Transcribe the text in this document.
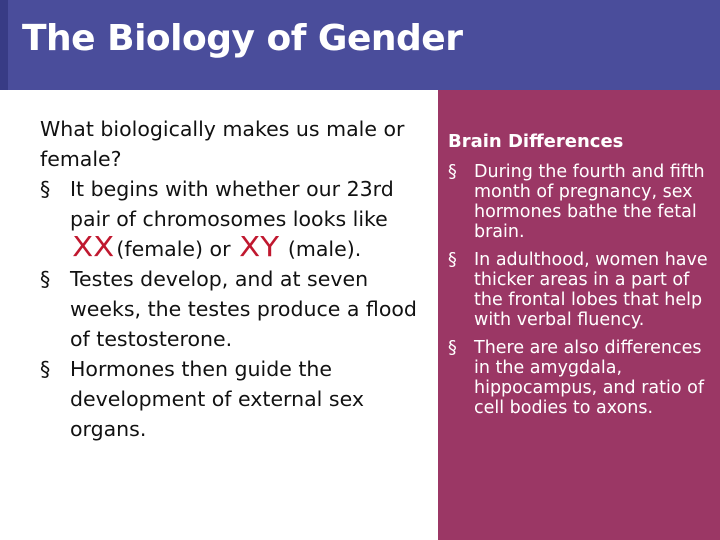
The Biology of Gender

What biologically makes us male or female?

§ It begins with whether our 23rd pair of chromosomes looks likeXX (female) or XY (male).
§ Testes develop, and at seven weeks, the testes produce a flood of testosterone.
§ Hormones then guide the development of external sex organs.
Brain Differences
§ During the fourth and fifth month of pregnancy, sex hormones bathe the fetal brain.
§ In adulthood, women have thicker areas in a part of the frontal lobes that help with verbal fluency.
§ There are also differences in the amygdala, hippocampus, and ratio of cell bodies to axons.
